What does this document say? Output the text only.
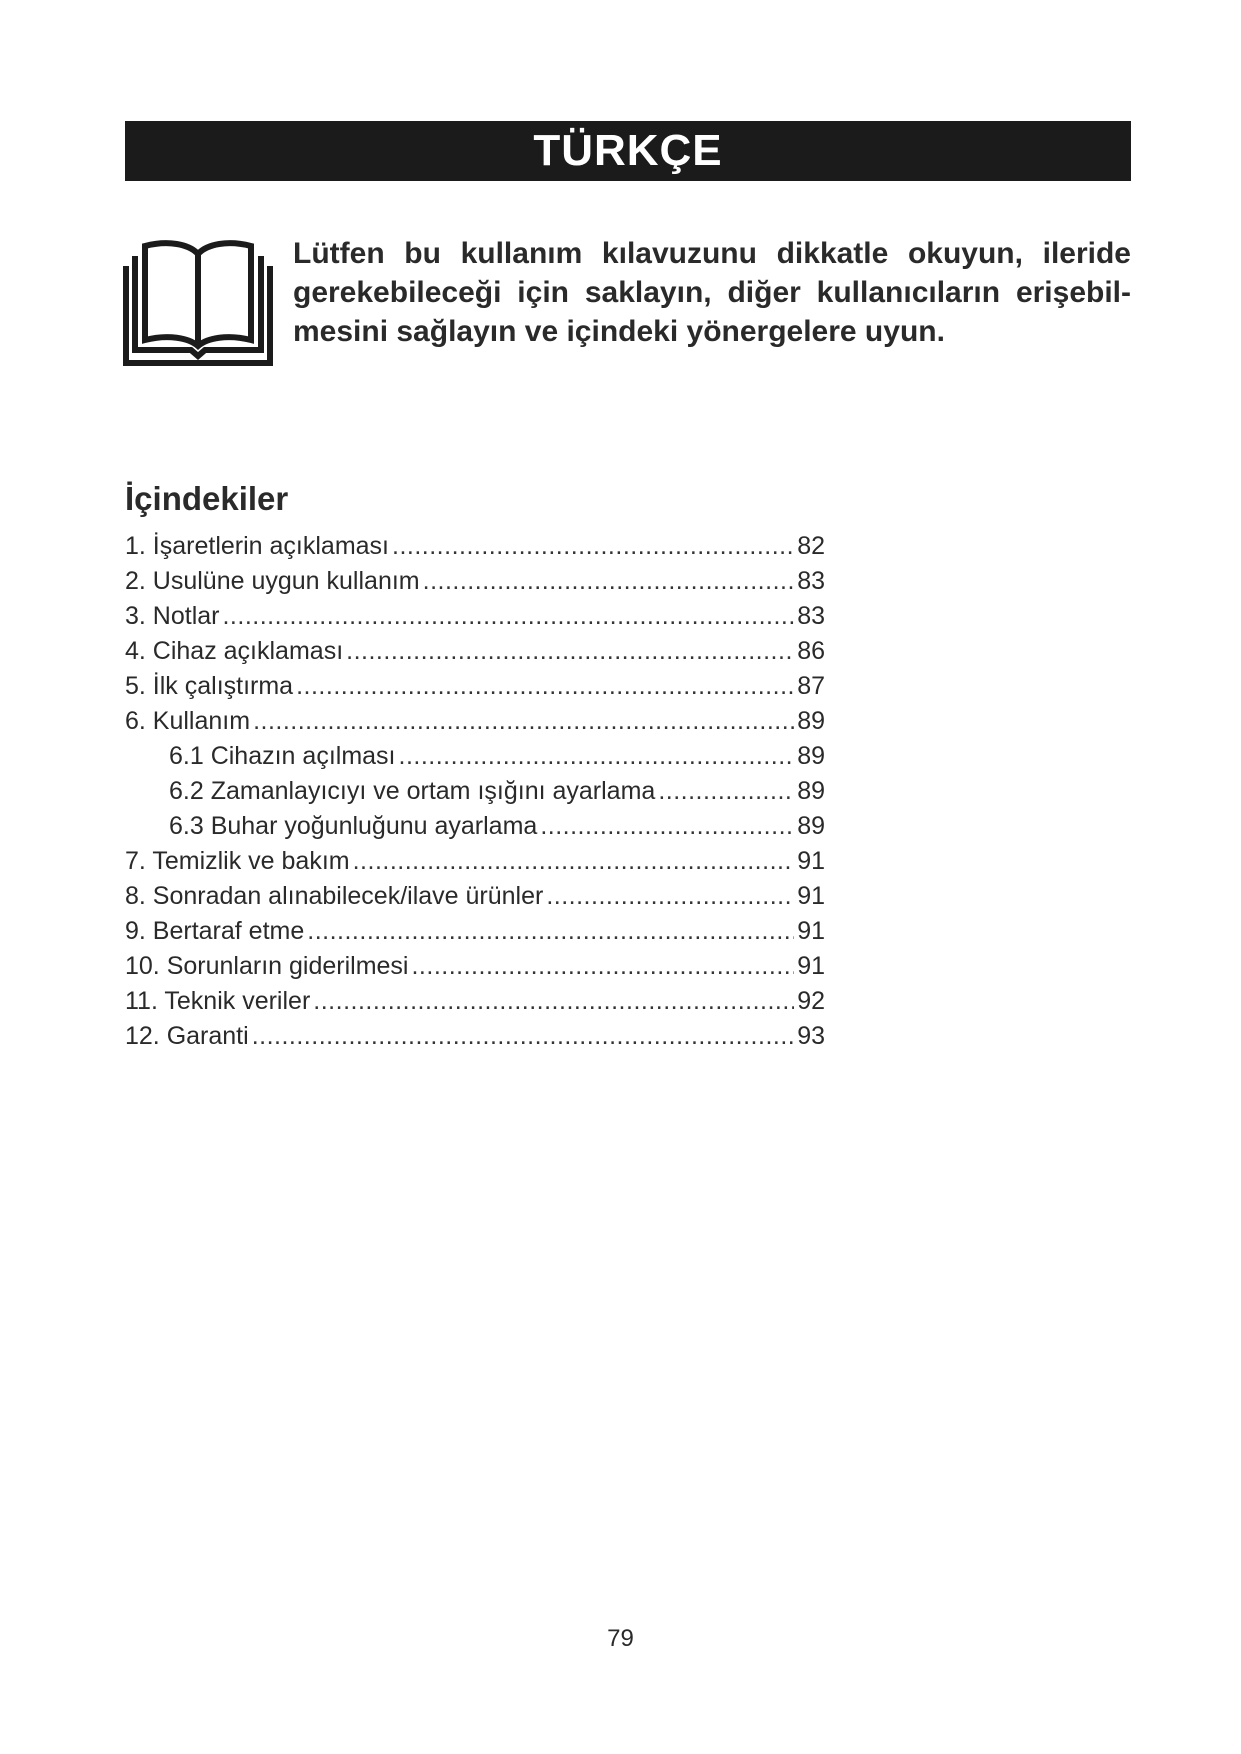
TÜRKÇE
Lütfen bu kullanım kılavuzunu dikkatle okuyun, ileride
gerekebileceği için saklayın, diğer kullanıcıların erişebil-
mesini sağlayın ve içindeki yönergelere uyun.
İçindekiler
1. İşaretlerin açıklaması .....	82
2. Usulüne uygun kullanım .....	83
3. Notlar .....	83
4. Cihaz açıklaması .....	86
5. İlk çalıştırma .....	87
6. Kullanım .....	89
6.1 Cihazın açılması .....	89
6.2 Zamanlayıcıyı ve ortam ışığını ayarlama .....	89
6.3 Buhar yoğunluğunu ayarlama .....	89
7. Temizlik ve bakım .....	91
8. Sonradan alınabilecek/ilave ürünler .....	91
9. Bertaraf etme .....	91
10. Sorunların giderilmesi .....	91
11. Teknik veriler .....	92
12. Garanti .....	93
79
